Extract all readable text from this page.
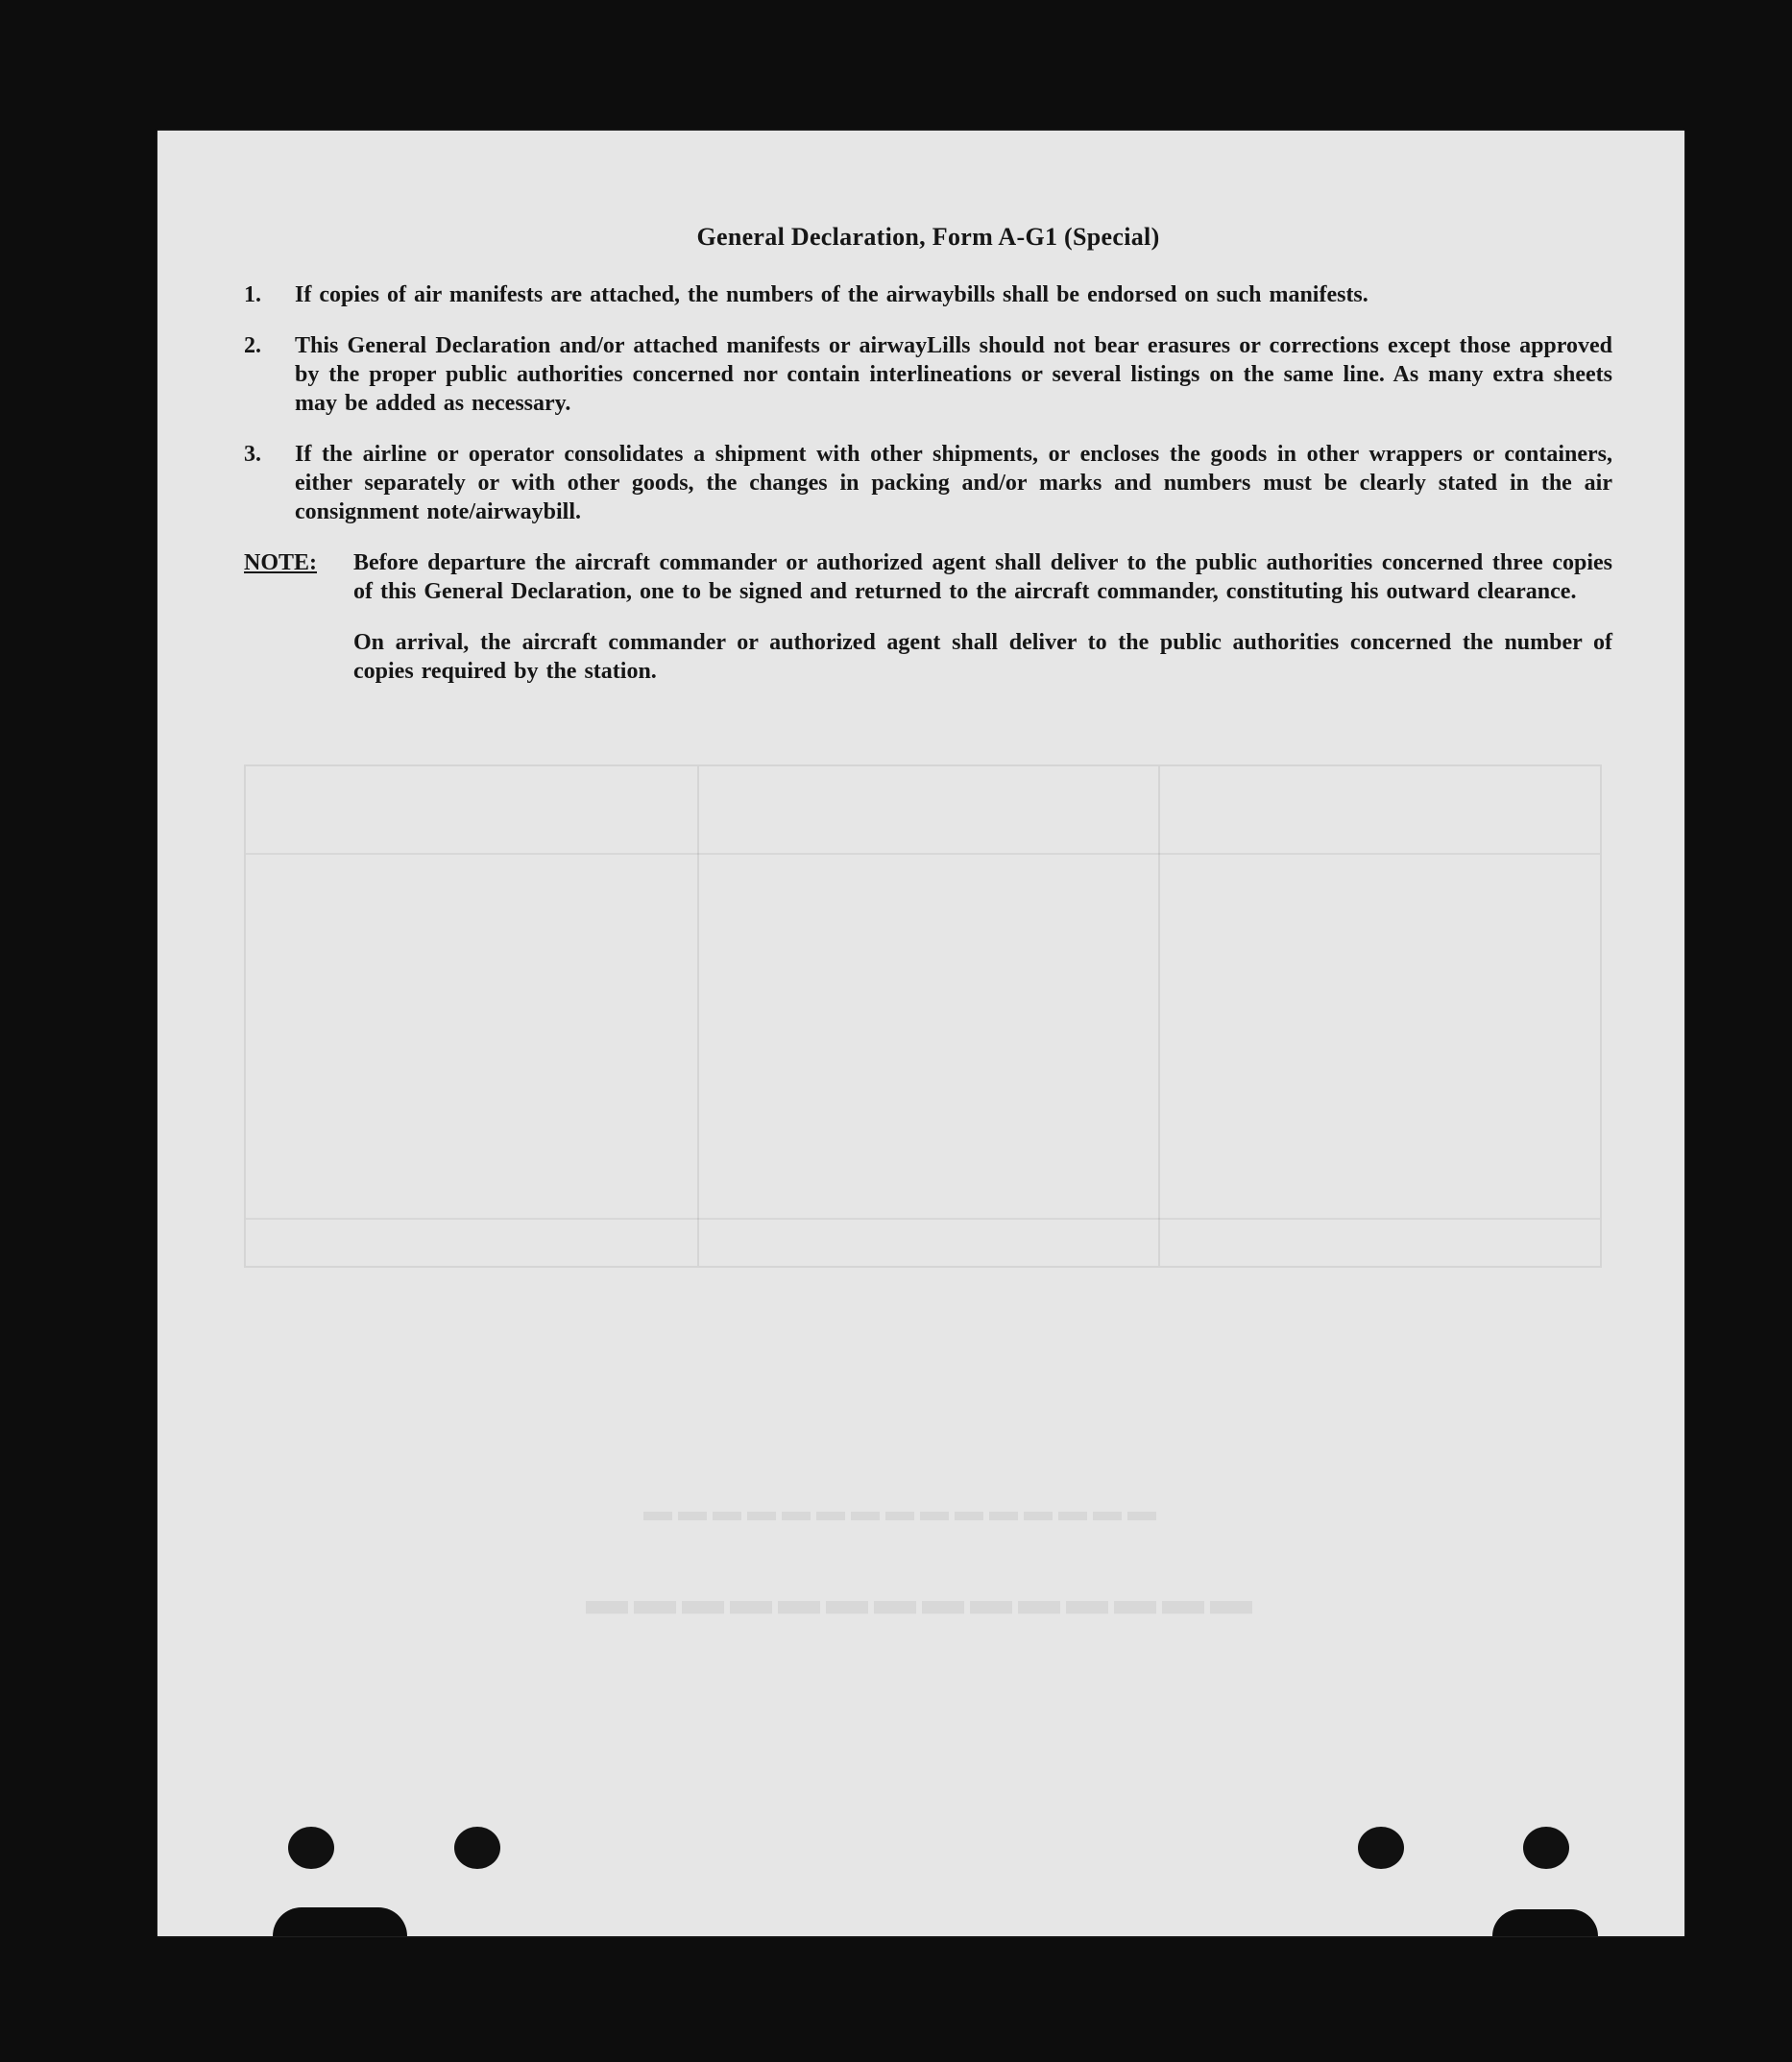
▬▬▬▬▬▬▬▬▬▬▬▬▬▬
▬▬▬▬▬▬▬▬▬▬▬▬▬▬▬
General Declaration, Form A-G1 (Special)
1.	If copies of air manifests are attached, the numbers of the airwaybills shall be endorsed on such manifests.
2.	This General Declaration and/or attached manifests or airwayLills should not bear erasures or corrections except those approved by the proper public authorities concerned nor contain interlineations or several listings on the same line. As many extra sheets may be added as necessary.
3.	If the airline or operator consolidates a shipment with other shipments, or encloses the goods in other wrappers or containers, either separately or with other goods, the changes in packing and/or marks and numbers must be clearly stated in the air consignment note/airwaybill.
NOTE:	Before departure the aircraft commander or authorized agent shall deliver to the public authorities concerned three copies of this General Declaration, one to be signed and returned to the aircraft commander, constituting his outward clearance.
On arrival, the aircraft commander or authorized agent shall deliver to the public authorities concerned the number of copies required by the station.
